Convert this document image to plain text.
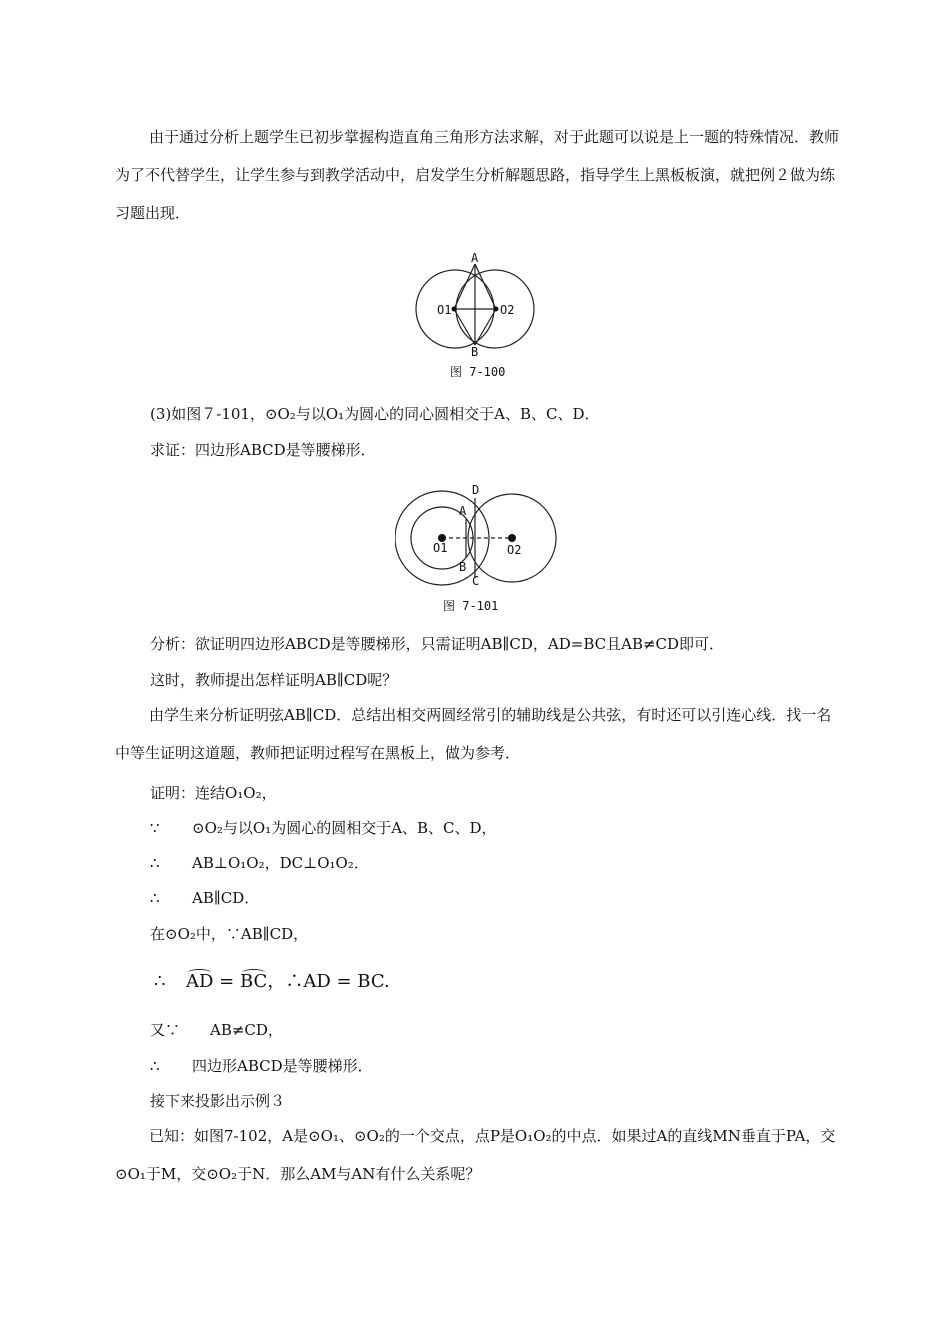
由于通过分析上题学生已初步掌握构造直角三角形方法求解，对于此题可以说是上一题的特殊情况．教师为了不代替学生，让学生参与到教学活动中，启发学生分析解题思路，指导学生上黑板板演，就把例２做为练习题出现．

A
B
O1	O2
图 7-100

(3)如图７-101，⊙O₂与以O₁为圆心的同心圆相交于A、B、C、D．

求证：四边形ABCD是等腰梯形．

D
A
B
C
O1	O2
图 7-101

分析：欲证明四边形ABCD是等腰梯形，只需证明AB∥CD，AD=BC且AB≠CD即可．

这时，教师提出怎样证明AB∥CD呢？

由学生来分析证明弦AB∥CD．总结出相交两圆经常引的辅助线是公共弦，有时还可以引连心线．找一名中等生证明这道题，教师把证明过程写在黑板上，做为参考．

证明：连结O₁O₂，

∵ ⊙O₂与以O₁为圆心的圆相交于A、B、C、D，

∴ AB⊥O₁O₂，DC⊥O₁O₂．

∴ AB∥CD．

在⊙O₂中，∵AB∥CD，

∴ AD = BC，∴AD = BC.

又∵ AB≠CD，

∴ 四边形ABCD是等腰梯形．

接下来投影出示例３

已知：如图7-102，A是⊙O₁、⊙O₂的一个交点，点P是O₁O₂的中点．如果过A的直线MN垂直于PA，交⊙O₁于M，交⊙O₂于N．那么AM与AN有什么关系呢？
